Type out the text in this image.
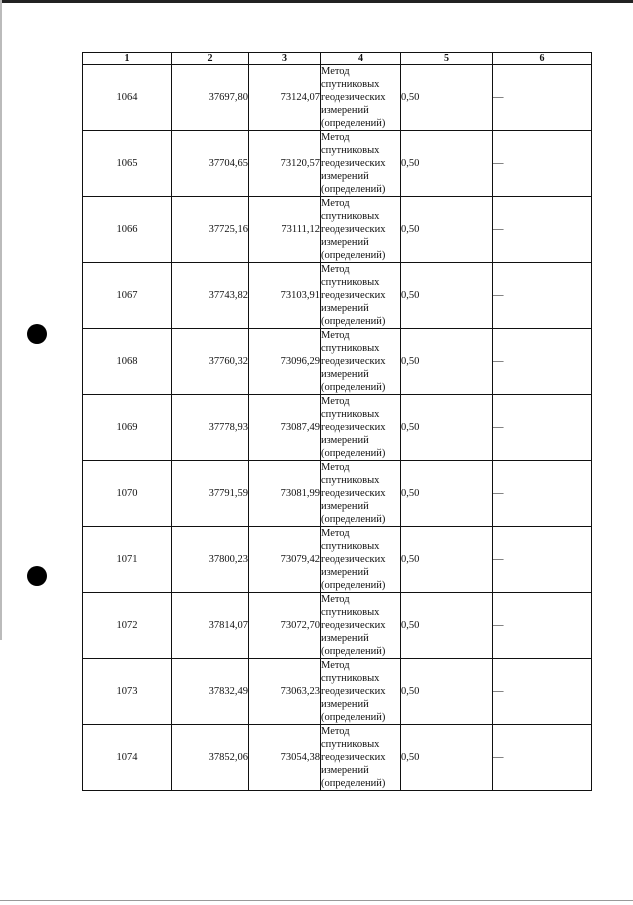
1	2	3	4	5	6
1064	37697,80	73124,07	Метод
спутниковых
геодезических
измерений
(определений)	0,50	—
1065	37704,65	73120,57	Метод
спутниковых
геодезических
измерений
(определений)	0,50	—
1066	37725,16	73111,12	Метод
спутниковых
геодезических
измерений
(определений)	0,50	—
1067	37743,82	73103,91	Метод
спутниковых
геодезических
измерений
(определений)	0,50	—
1068	37760,32	73096,29	Метод
спутниковых
геодезических
измерений
(определений)	0,50	—
1069	37778,93	73087,49	Метод
спутниковых
геодезических
измерений
(определений)	0,50	—
1070	37791,59	73081,99	Метод
спутниковых
геодезических
измерений
(определений)	0,50	—
1071	37800,23	73079,42	Метод
спутниковых
геодезических
измерений
(определений)	0,50	—
1072	37814,07	73072,70	Метод
спутниковых
геодезических
измерений
(определений)	0,50	—
1073	37832,49	73063,23	Метод
спутниковых
геодезических
измерений
(определений)	0,50	—
1074	37852,06	73054,38	Метод
спутниковых
геодезических
измерений
(определений)	0,50	—
